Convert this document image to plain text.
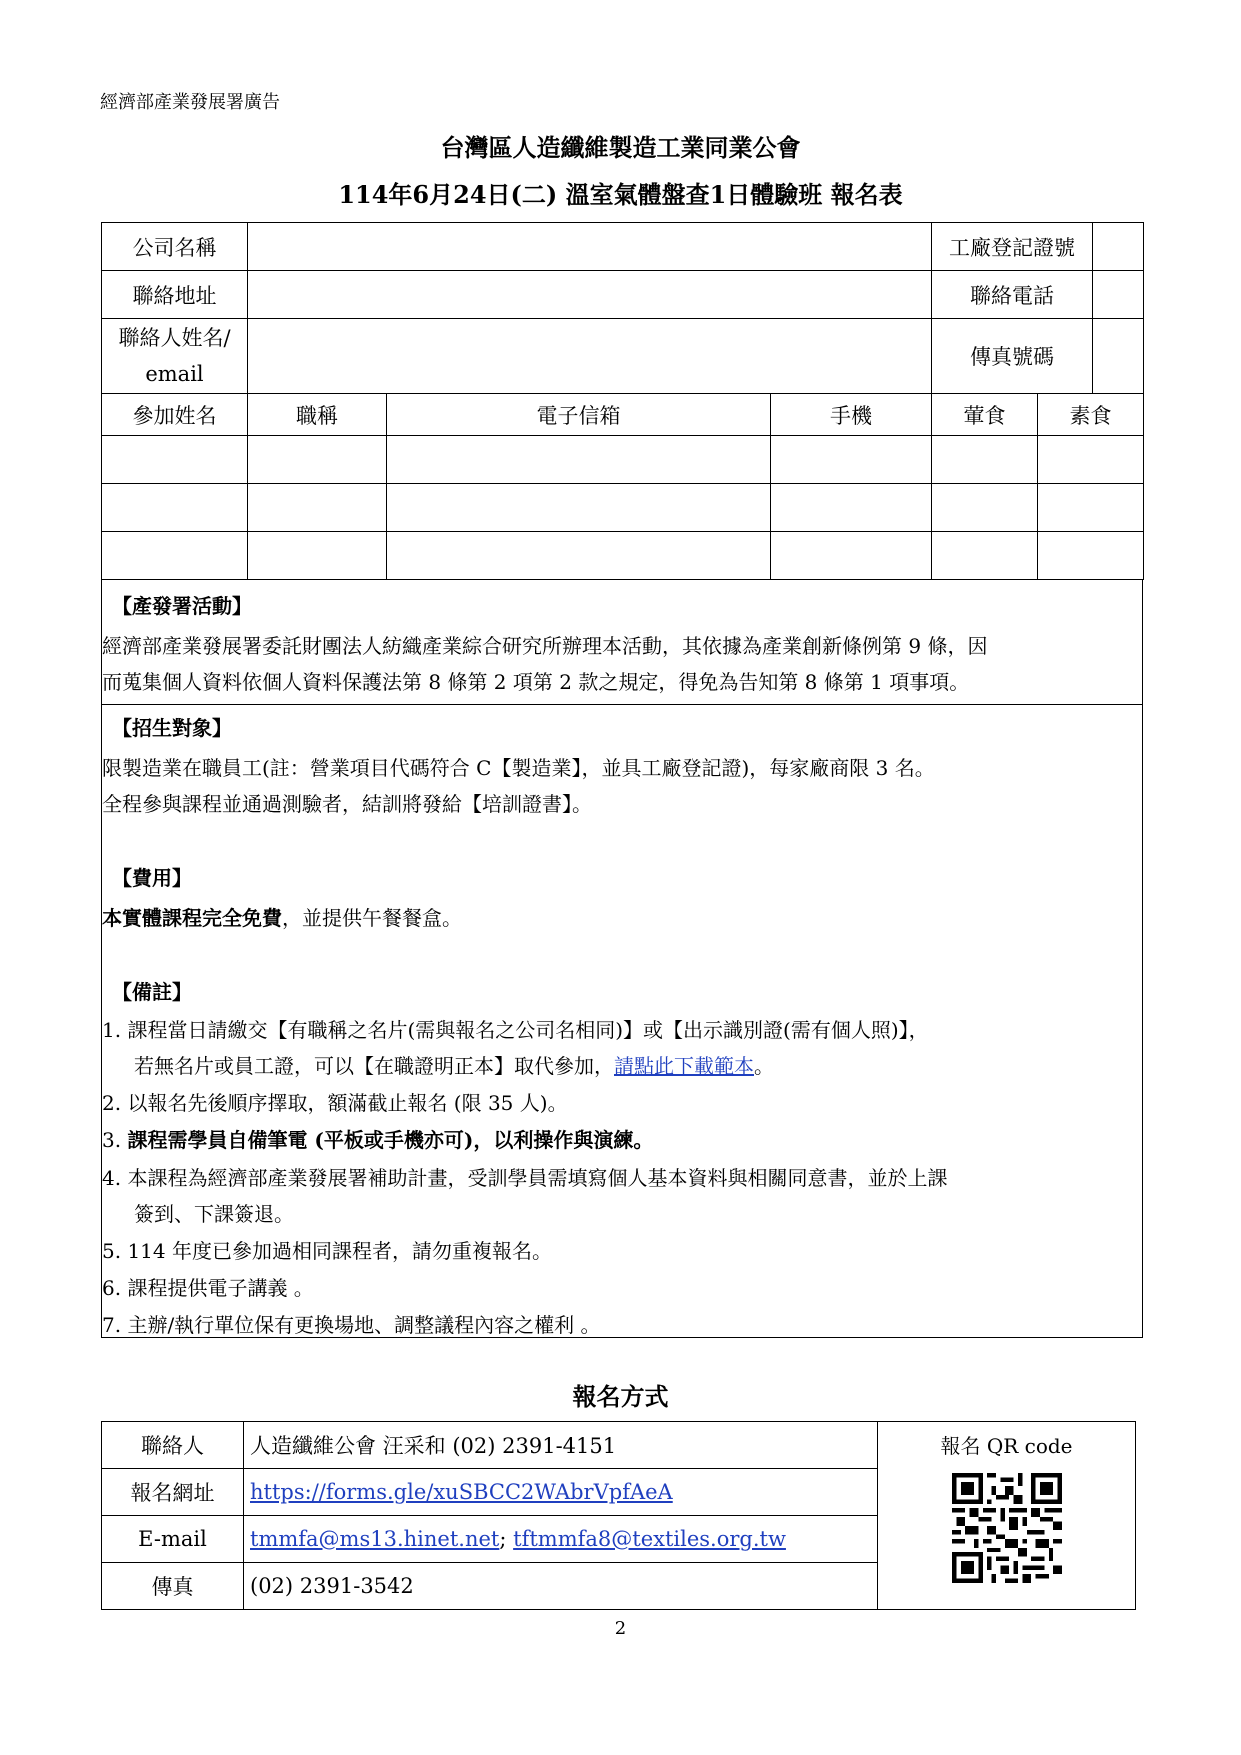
經濟部產業發展署廣告
台灣區人造纖維製造工業同業公會
114年6月24日(二) 溫室氣體盤查1日體驗班 報名表
公司名稱				工廠登記證號	

聯絡地址				聯絡電話	

聯絡人姓名/
email				傳真號碼	

參加姓名	職稱	電子信箱	手機	葷食	素食

【產發署活動】
經濟部產業發展署委託財團法人紡織產業綜合研究所辦理本活動，其依據為產業創新條例第 9 條，因
而蒐集個人資料依個人資料保護法第 8 條第 2 項第 2 款之規定，得免為告知第 8 條第 1 項事項。
【招生對象】
限製造業在職員工(註：營業項目代碼符合 C【製造業】，並具工廠登記證)，每家廠商限 3 名。
全程參與課程並通過測驗者，結訓將發給【培訓證書】。
【費用】
本實體課程完全免費，並提供午餐餐盒。
【備註】
1. 課程當日請繳交【有職稱之名片(需與報名之公司名相同)】或【出示識別證(需有個人照)】，
若無名片或員工證，可以【在職證明正本】取代參加，請點此下載範本。
2. 以報名先後順序擇取，額滿截止報名 (限 35 人)。
3. 課程需學員自備筆電 (平板或手機亦可)，以利操作與演練。
4. 本課程為經濟部產業發展署補助計畫，受訓學員需填寫個人基本資料與相關同意書，並於上課
簽到、下課簽退。
5. 114 年度已參加過相同課程者，請勿重複報名。
6. 課程提供電子講義 。
7. 主辦/執行單位保有更換場地、調整議程內容之權利 。
報名方式
聯絡人	人造纖維公會 汪采和 (02) 2391-4151	報名 QR code

報名網址	https://forms.gle/xuSBCC2WAbrVpfAeA	
E-mail	tmmfa@ms13.hinet.net; tftmmfa8@textiles.org.tw	
傳真	(02) 2391-3542	
2
